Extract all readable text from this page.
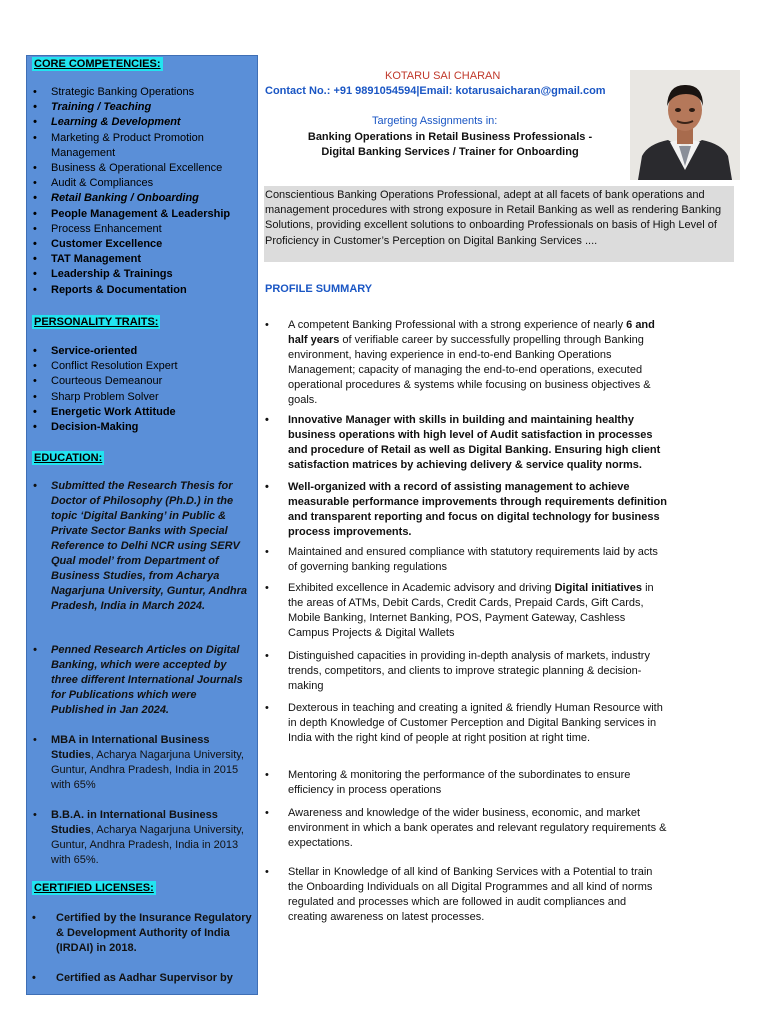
CORE COMPETENCIES:
• Strategic Banking Operations
• Training / Teaching
• Learning & Development
• Marketing & Product Promotion Management
• Business & Operational Excellence
• Audit & Compliances
• Retail Banking / Onboarding
• People Management & Leadership
• Process Enhancement
• Customer Excellence
• TAT Management
• Leadership & Trainings
• Reports & Documentation
PERSONALITY TRAITS:
• Service-oriented
• Conflict Resolution Expert
• Courteous Demeanour
• Sharp Problem Solver
• Energetic Work Attitude
• Decision-Making
EDUCATION:
• Submitted the Research Thesis for Doctor of Philosophy (Ph.D.) in the topic ‘Digital Banking’ in Public & Private Sector Banks with Special Reference to Delhi NCR using SERV Qual model’ from Department of Business Studies, from Acharya Nagarjuna University, Guntur, Andhra Pradesh, India in March 2024.
• Penned Research Articles on Digital Banking, which were accepted by three different International Journals for Publications which were Published in Jan 2024.
• MBA in International Business Studies, Acharya Nagarjuna University, Guntur, Andhra Pradesh, India in 2015 with 65%
• B.B.A. in International Business Studies, Acharya Nagarjuna University, Guntur, Andhra Pradesh, India in 2013 with 65%.
CERTIFIED LICENSES:
• Certified by the Insurance Regulatory & Development Authority of India (IRDAI) in 2018.
• Certified as Aadhar Supervisor by
KOTARU SAI CHARAN
Contact No.: +91 9891054594|Email: kotarusaicharan@gmail.com
Targeting Assignments in:
Banking Operations in Retail Business Professionals -
Digital Banking Services / Trainer for Onboarding
Conscientious Banking Operations Professional, adept at all facets of bank operations and management procedures with strong exposure in Retail Banking as well as rendering Banking Solutions, providing excellent solutions to onboarding Professionals on basis of High Level of Proficiency in Customer’s Perception on Digital Banking Services ....
PROFILE SUMMARY
• A competent Banking Professional with a strong experience of nearly 6 and half years of verifiable career by successfully propelling through Banking environment, having experience in end-to-end Banking Operations Management; capacity of managing the end-to-end operations, executed operational procedures & systems while focusing on business objectives & goals.
• Innovative Manager with skills in building and maintaining healthy business operations with high level of Audit satisfaction in processes and procedure of Retail as well as Digital Banking. Ensuring high client satisfaction matrices by achieving delivery & service quality norms.
• Well-organized with a record of assisting management to achieve measurable performance improvements through requirements definition and transparent reporting and focus on digital technology for business process improvements.
• Maintained and ensured compliance with statutory requirements laid by acts of governing banking regulations
• Exhibited excellence in Academic advisory and driving Digital initiatives in the areas of ATMs, Debit Cards, Credit Cards, Prepaid Cards, Gift Cards, Mobile Banking, Internet Banking, POS, Payment Gateway, Cashless Campus Projects & Digital Wallets
• Distinguished capacities in providing in-depth analysis of markets, industry trends, competitors, and clients to improve strategic planning & decision-making
• Dexterous in teaching and creating a ignited & friendly Human Resource with in depth Knowledge of Customer Perception and Digital Banking services in India with the right kind of people at right position at right time.
• Mentoring & monitoring the performance of the subordinates to ensure efficiency in process operations
• Awareness and knowledge of the wider business, economic, and market environment in which a bank operates and relevant regulatory requirements & expectations.
• Stellar in Knowledge of all kind of Banking Services with a Potential to train the Onboarding Individuals on all Digital Programmes and all kind of norms regulated and processes which are followed in audit compliances and creating awareness on latest processes.
